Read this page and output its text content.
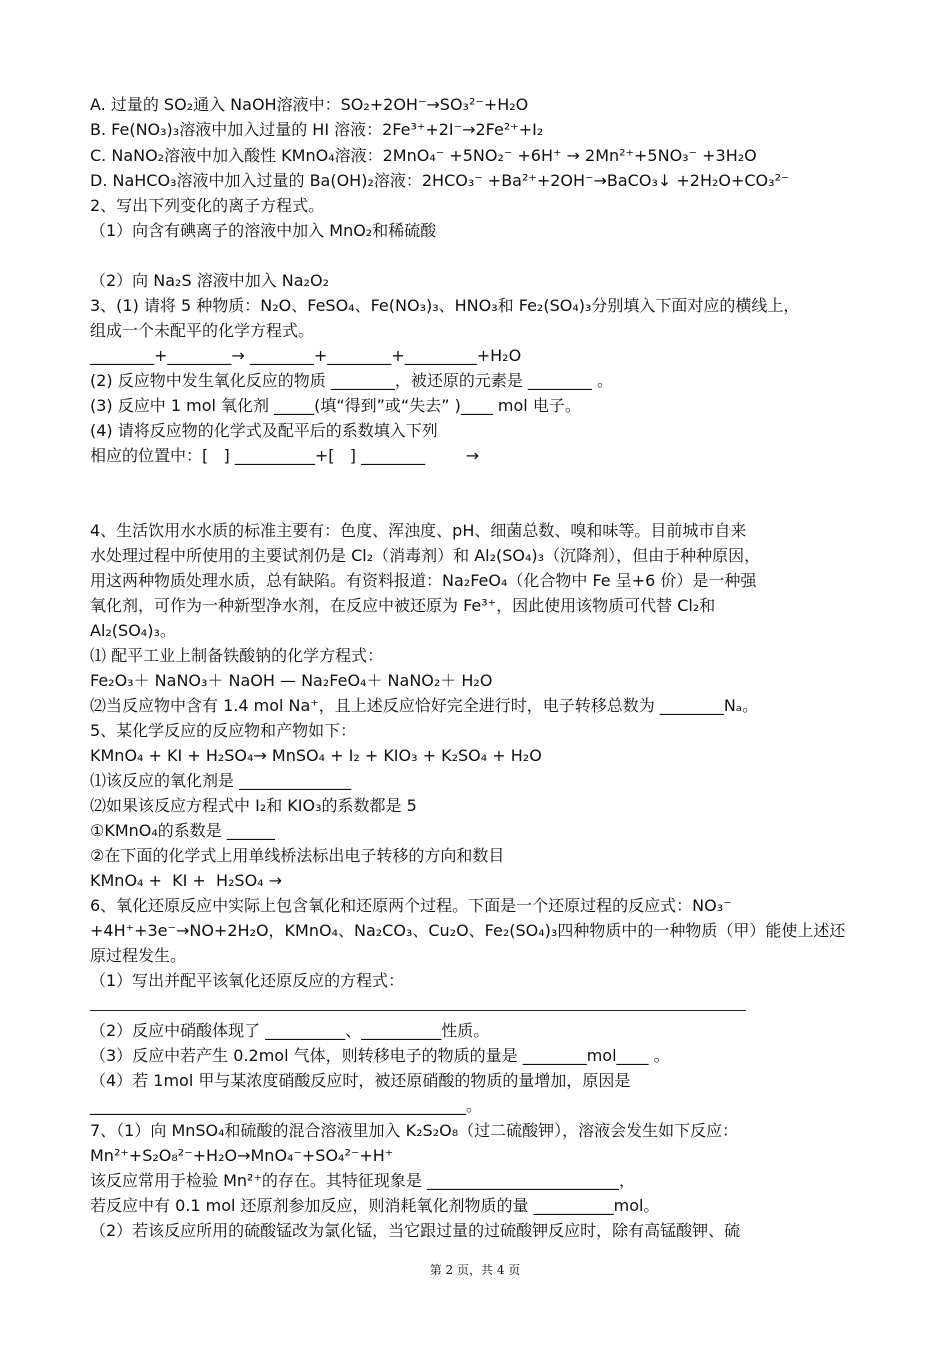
A. 过量的 SO₂通入 NaOH溶液中：SO₂+2OH⁻→SO₃²⁻+H₂O
B. Fe(NO₃)₃溶液中加入过量的 HI 溶液：2Fe³⁺+2I⁻→2Fe²⁺+I₂
C. NaNO₂溶液中加入酸性 KMnO₄溶液：2MnO₄⁻ +5NO₂⁻ +6H⁺ → 2Mn²⁺+5NO₃⁻ +3H₂O
D. NaHCO₃溶液中加入过量的 Ba(OH)₂溶液：2HCO₃⁻ +Ba²⁺+2OH⁻→BaCO₃↓ +2H₂O+CO₃²⁻
2、写出下列变化的离子方程式。
（1）向含有碘离子的溶液中加入 MnO₂和稀硫酸
（2）向 Na₂S 溶液中加入 Na₂O₂
3、(1) 请将 5 种物质：N₂O、FeSO₄、Fe(NO₃)₃、HNO₃和 Fe₂(SO₄)₃分别填入下面对应的横线上，
组成一个未配平的化学方程式。
________+________→ ________+________+_________+H₂O
(2) 反应物中发生氧化反应的物质 ________，被还原的元素是 ________ 。
(3) 反应中 1 mol 氧化剂 _____(填“得到”或“失去” )____ mol 电子。
(4) 请将反应物的化学式及配平后的系数填入下列
相应的位置中：[   ] __________+[   ] ________        →
4、生活饮用水水质的标准主要有：色度、浑浊度、pH、细菌总数、嗅和味等。目前城市自来
水处理过程中所使用的主要试剂仍是 Cl₂（消毒剂）和 Al₂(SO₄)₃（沉降剂），但由于种种原因，
用这两种物质处理水质，总有缺陷。有资料报道：Na₂FeO₄（化合物中 Fe 呈+6 价）是一种强
氧化剂，可作为一种新型净水剂，在反应中被还原为 Fe³⁺，因此使用该物质可代替 Cl₂和
Al₂(SO₄)₃。
⑴ 配平工业上制备铁酸钠的化学方程式：
Fe₂O₃＋ NaNO₃＋ NaOH — Na₂FeO₄＋ NaNO₂＋ H₂O
⑵当反应物中含有 1.4 mol Na⁺，且上述反应恰好完全进行时，电子转移总数为 ________Nₐ。
5、某化学反应的反应物和产物如下：
KMnO₄ + KI + H₂SO₄→ MnSO₄ + I₂ + KIO₃ + K₂SO₄ + H₂O
⑴该反应的氧化剂是 ______________
⑵如果该反应方程式中 I₂和 KIO₃的系数都是 5
①KMnO₄的系数是 ______
②在下面的化学式上用单线桥法标出电子转移的方向和数目
KMnO₄ +  KI +  H₂SO₄ →
6、氧化还原反应中实际上包含氧化和还原两个过程。下面是一个还原过程的反应式：NO₃⁻
+4H⁺+3e⁻→NO+2H₂O，KMnO₄、Na₂CO₃、Cu₂O、Fe₂(SO₄)₃四种物质中的一种物质（甲）能使上述还
原过程发生。
（1）写出并配平该氧化还原反应的方程式：
（2）反应中硝酸体现了 __________、__________性质。
（3）反应中若产生 0.2mol 气体，则转移电子的物质的量是 ________mol____ 。
（4）若 1mol 甲与某浓度硝酸反应时，被还原硝酸的物质的量增加，原因是
_______________________________________________。
7、（1）向 MnSO₄和硫酸的混合溶液里加入 K₂S₂O₈（过二硫酸钾），溶液会发生如下反应：
Mn²⁺+S₂O₈²⁻+H₂O→MnO₄⁻+SO₄²⁻+H⁺
该反应常用于检验 Mn²⁺的存在。其特征现象是 ________________________，
若反应中有 0.1 mol 还原剂参加反应，则消耗氧化剂物质的量 __________mol。
（2）若该反应所用的硫酸锰改为氯化锰，当它跟过量的过硫酸钾反应时，除有高锰酸钾、硫
第 2 页，共 4 页
